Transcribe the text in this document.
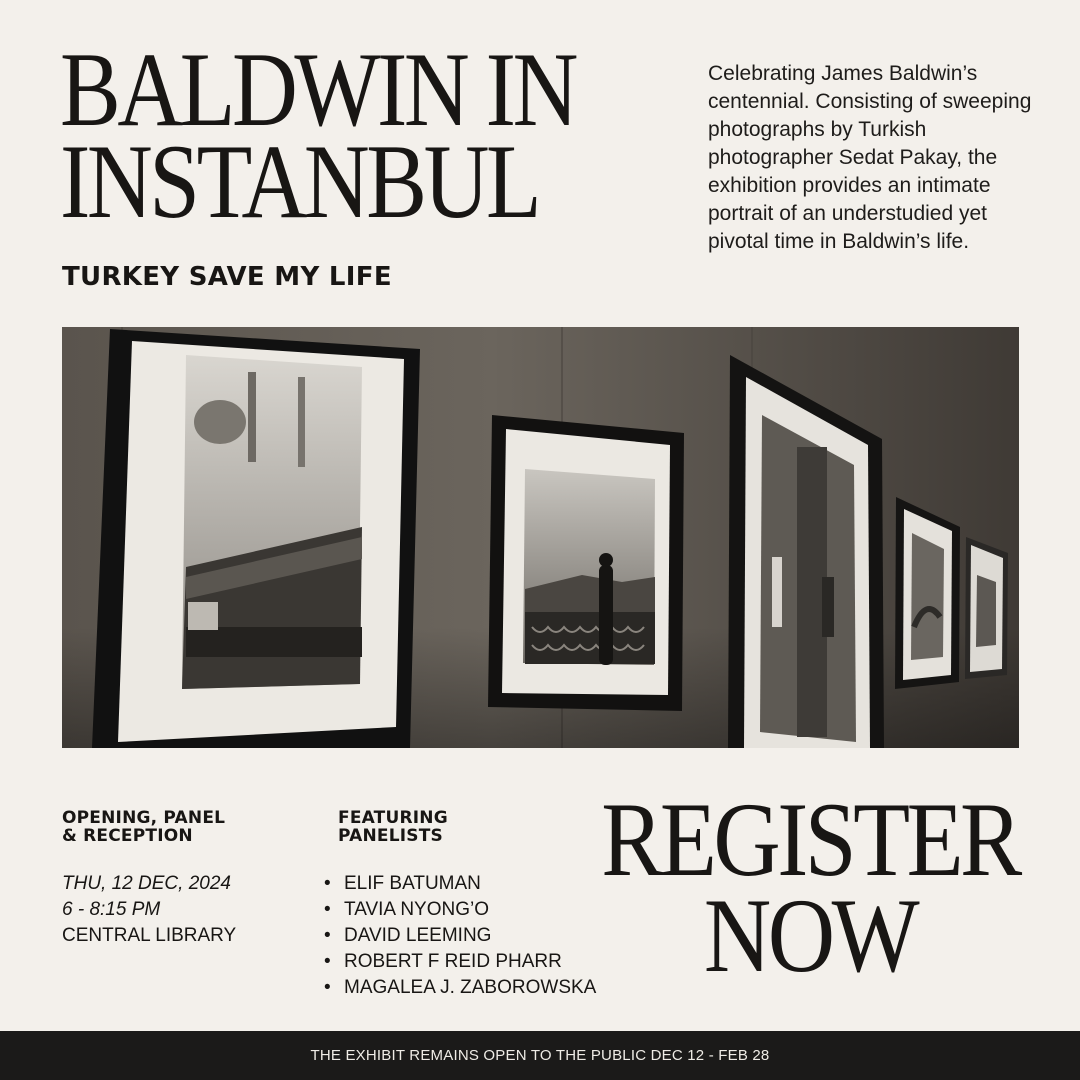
BALDWIN IN
INSTANBUL
TURKEY SAVE MY LIFE

Celebrating James Baldwin’s centennial. Consisting of sweeping photographs by Turkish photographer Sedat Pakay, the exhibition provides an intimate portrait of an understudied yet pivotal time in Baldwin’s life.

OPENING, PANEL
& RECEPTION
THU, 12 DEC, 2024
6 - 8:15 PM
CENTRAL LIBRARY
FEATURING
PANELISTS
• ELIF BATUMAN
• TAVIA NYONG’O
• DAVID LEEMING
• ROBERT F REID PHARR
• MAGALEA J. ZABOROWSKA
REGISTER
NOW
THE EXHIBIT REMAINS OPEN TO THE PUBLIC DEC 12 - FEB 28
